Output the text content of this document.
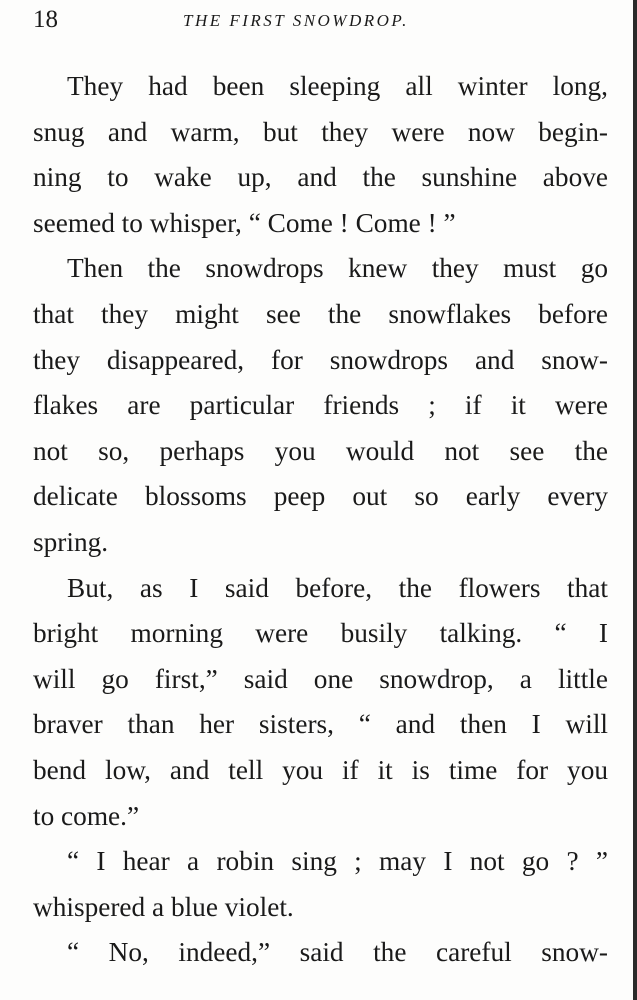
18	THE FIRST SNOWDROP.

They had been sleeping all winter long,
snug and warm, but they were now begin-
ning to wake up, and the sunshine above
seemed to whisper, “ Come ! Come ! ”

Then the snowdrops knew they must go
that they might see the snowflakes before
they disappeared, for snowdrops and snow-
flakes are particular friends ; if it were
not so, perhaps you would not see the
delicate blossoms peep out so early every
spring.

But, as I said before, the flowers that
bright morning were busily talking. “ I
will go first,” said one snowdrop, a little
braver than her sisters, “ and then I will
bend low, and tell you if it is time for you
to come.”

“ I hear a robin sing ; may I not go ? ”
whispered a blue violet.

“ No, indeed,” said the careful snow-
